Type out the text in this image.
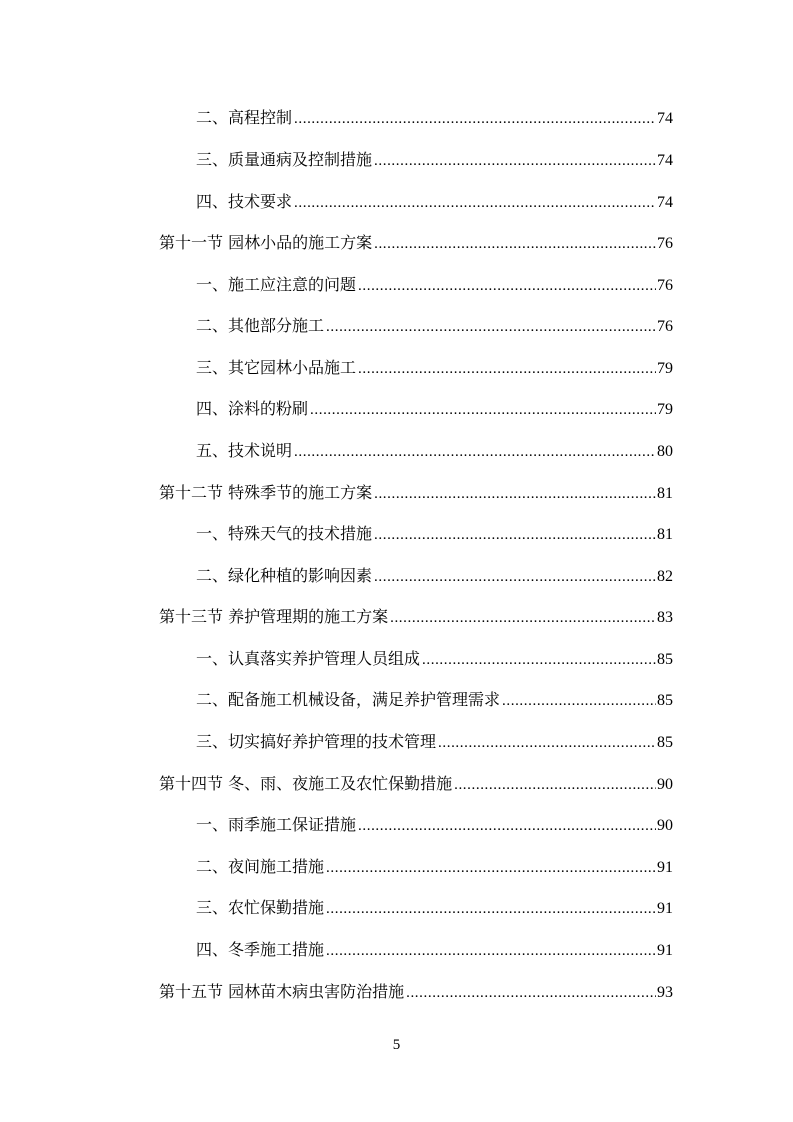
二、高程控制 .....	74
三、质量通病及控制措施 .....	74
四、技术要求 .....	74
第十一节 园林小品的施工方案 .....	76
一、施工应注意的问题 .....	76
二、其他部分施工 .....	76
三、其它园林小品施工 .....	79
四、涂料的粉刷 .....	79
五、技术说明 .....	80
第十二节 特殊季节的施工方案 .....	81
一、特殊天气的技术措施 .....	81
二、绿化种植的影响因素 .....	82
第十三节 养护管理期的施工方案 .....	83
一、认真落实养护管理人员组成 .....	85
二、配备施工机械设备，满足养护管理需求 .....	85
三、切实搞好养护管理的技术管理 .....	85
第十四节 冬、雨、夜施工及农忙保勤措施 .....	90
一、雨季施工保证措施 .....	90
二、夜间施工措施 .....	91
三、农忙保勤措施 .....	91
四、冬季施工措施 .....	91
第十五节 园林苗木病虫害防治措施 .....	93
5
